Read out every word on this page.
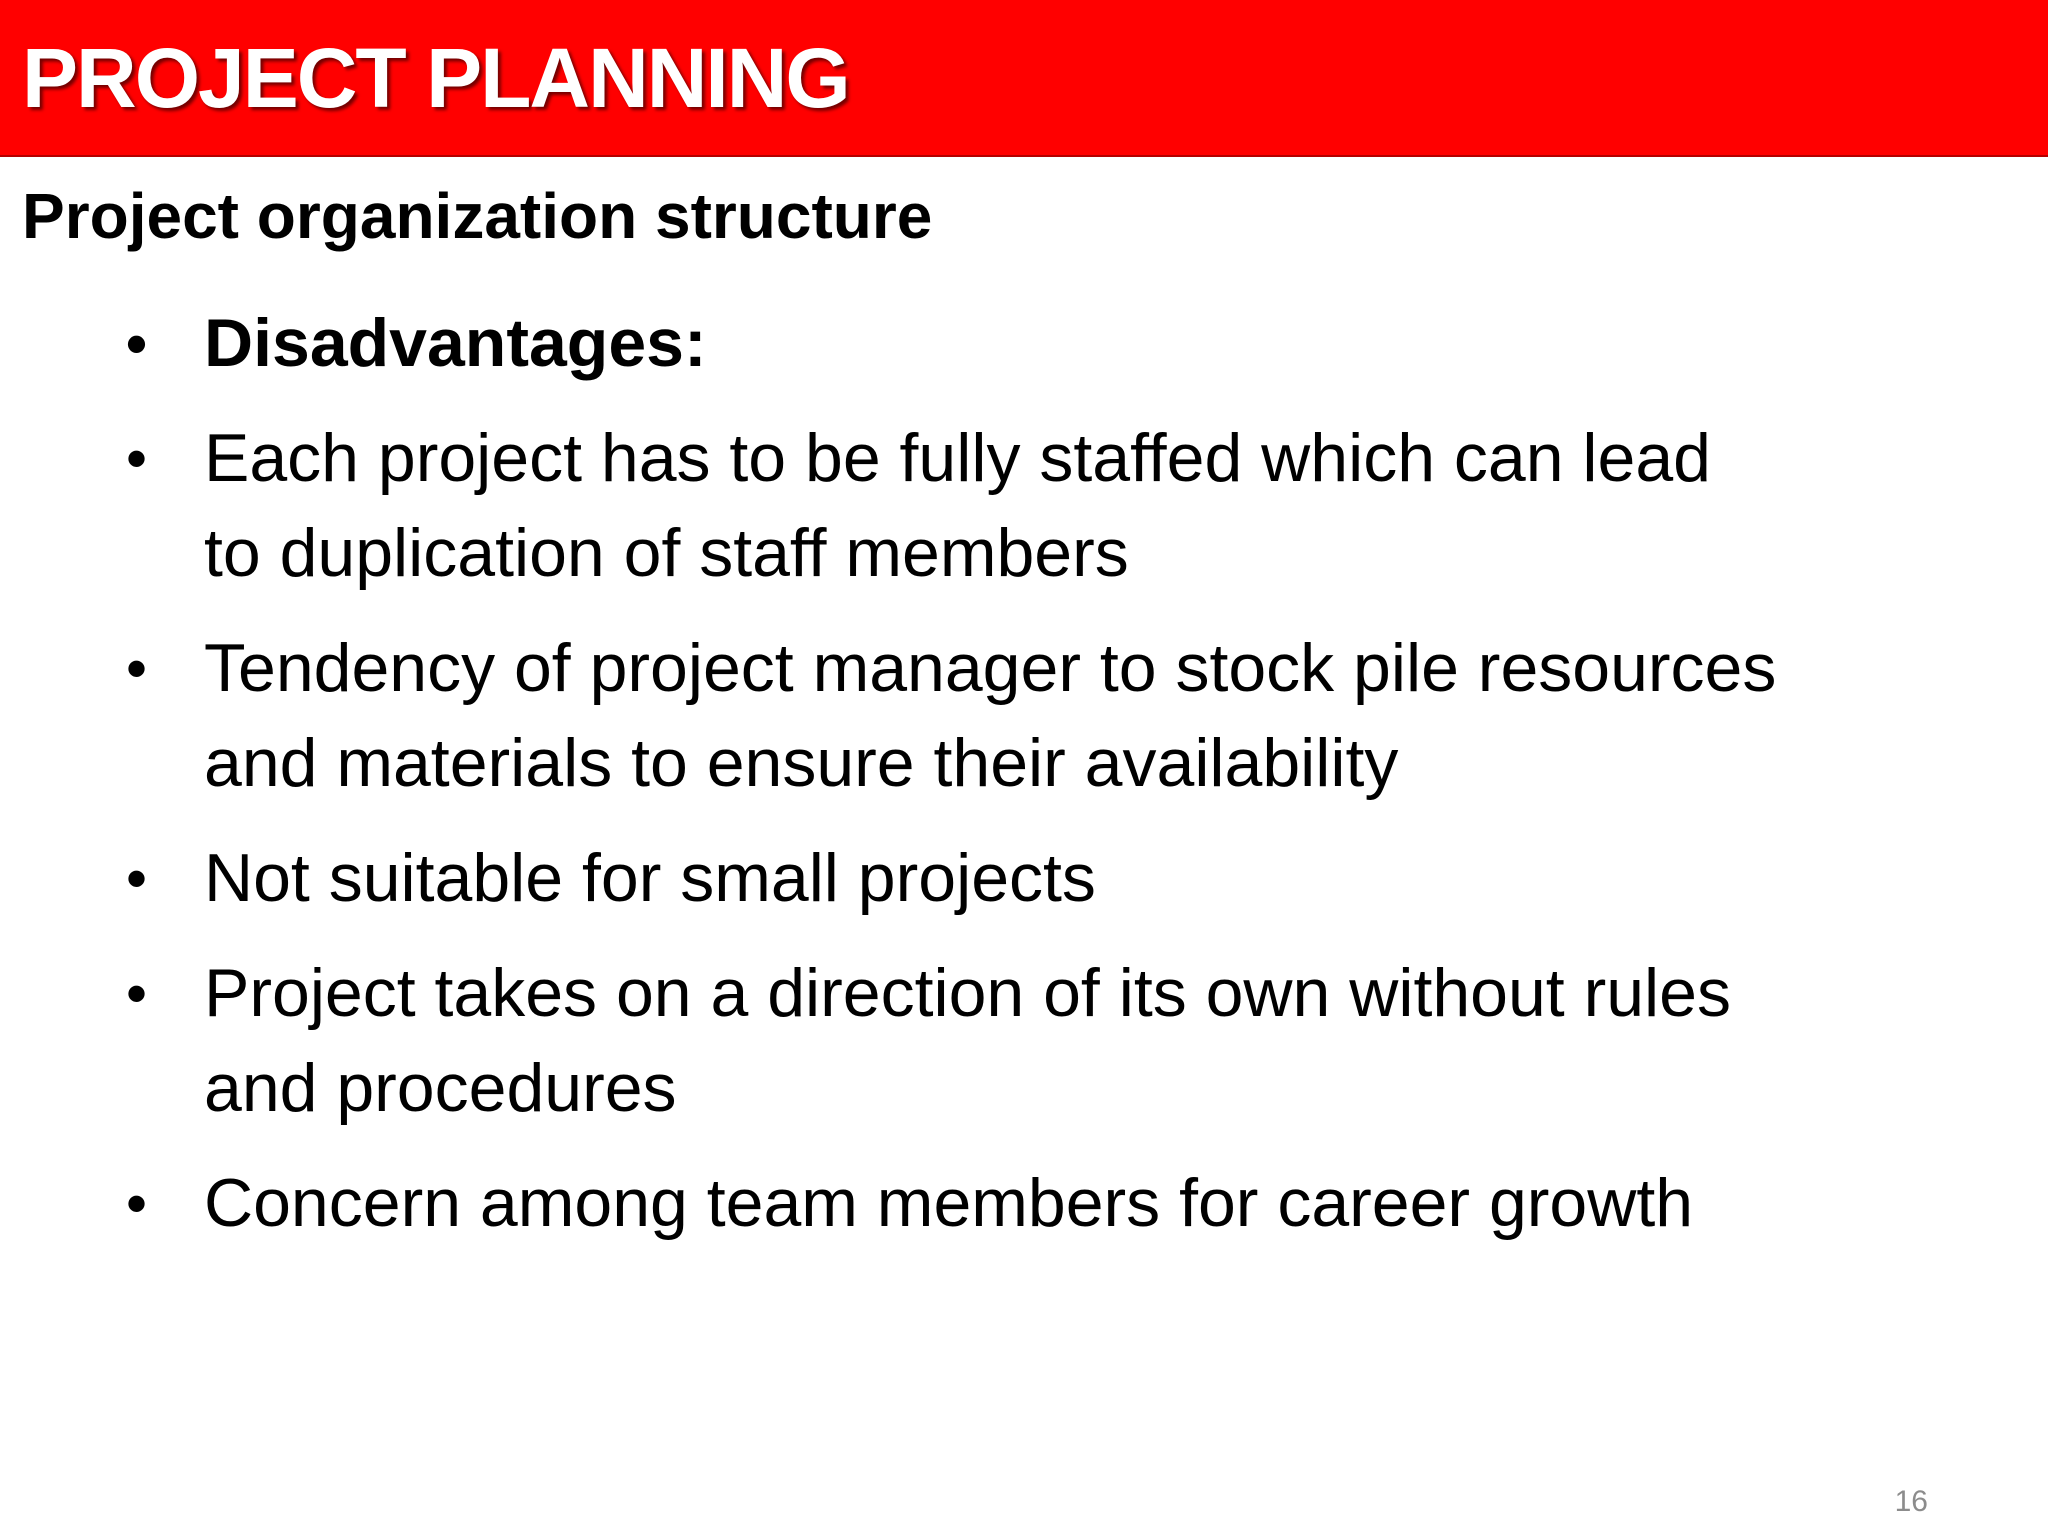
PROJECT PLANNING
Project organization structure
• Disadvantages:
• Each project has to be fully staffed which can lead to duplication of staff members
• Tendency of project manager to stock pile resources and materials to ensure their availability
• Not suitable for small projects
• Project takes on a direction of its own without rules and procedures
• Concern among team members for career growth
16
